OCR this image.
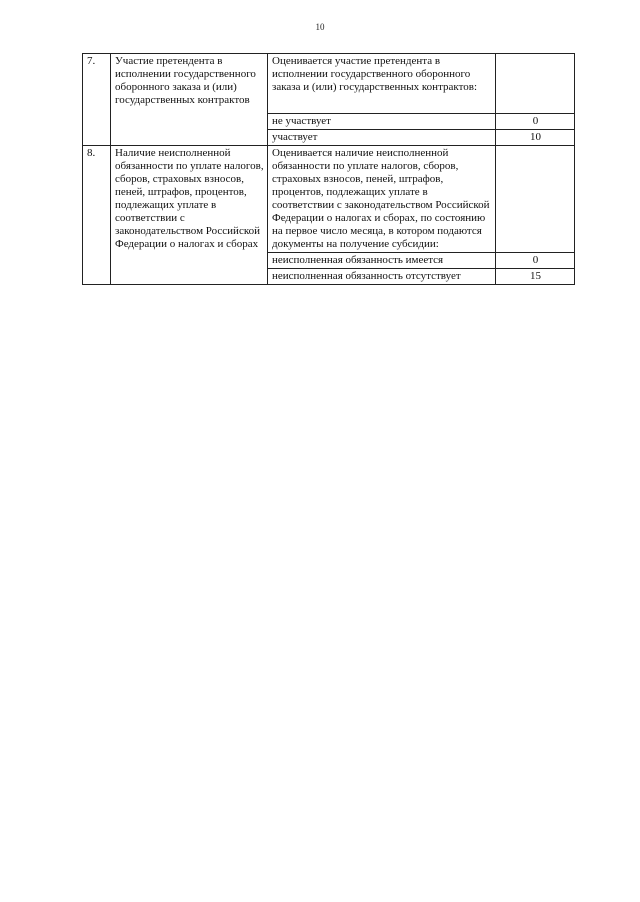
10
7.	Участие претендента в исполнении государственного оборонного заказа и (или) государственных контрактов	Оценивается участие претендента в исполнении государственного оборонного заказа и (или) государственных контрактов:	

		не участвует	0
		участвует	10
8.	Наличие неисполненной обязанности по уплате налогов, сборов, страховых взносов, пеней, штрафов, процентов, подлежащих уплате в соответствии с законодательством Российской Федерации о налогах и сборах	Оценивается наличие неисполненной обязанности по уплате налогов, сборов, страховых взносов, пеней, штрафов, процентов, подлежащих уплате в соответствии с законодательством Российской Федерации о налогах и сборах, по состоянию на первое число месяца, в котором подаются документы на получение субсидии:	

		неисполненная обязанность имеется	0
		неисполненная обязанность отсутствует	15
